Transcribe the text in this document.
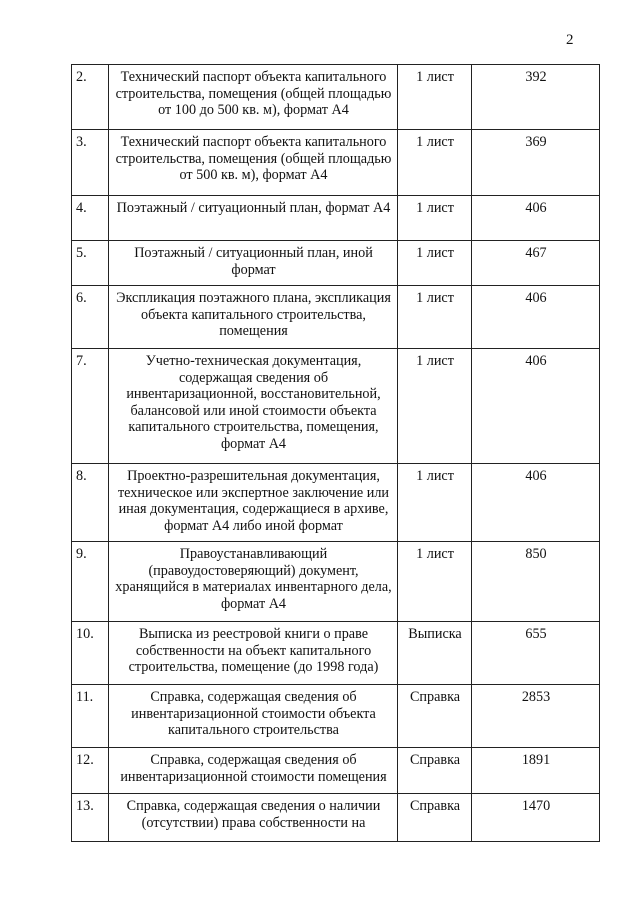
2
2.	Технический паспорт объекта капитального строительства, помещения (общей площадью от 100 до 500 кв. м), формат А4	1 лист	392
3.	Технический паспорт объекта капитального строительства, помещения (общей площадью от 500 кв. м), формат А4	1 лист	369
4.	Поэтажный / ситуационный план, формат А4	1 лист	406
5.	Поэтажный / ситуационный план, иной формат	1 лист	467
6.	Экспликация поэтажного плана, экспликация объекта капитального строительства, помещения	1 лист	406
7.	Учетно-техническая документация, содержащая сведения об инвентаризационной, восстановительной, балансовой или иной стоимости объекта капитального строительства, помещения, формат А4	1 лист	406
8.	Проектно-разрешительная документация, техническое или экспертное заключение или иная документация, содержащиеся в архиве, формат А4 либо иной формат	1 лист	406
9.	Правоустанавливающий (правоудостоверяющий) документ, хранящийся в материалах инвентарного дела, формат А4	1 лист	850
10.	Выписка из реестровой книги о праве собственности на объект капитального строительства, помещение (до 1998 года)	Выписка	655
11.	Справка, содержащая сведения об инвентаризационной стоимости объекта капитального строительства	Справка	2853
12.	Справка, содержащая сведения об инвентаризационной стоимости помещения	Справка	1891
13.	Справка, содержащая сведения о наличии (отсутствии) права собственности на	Справка	1470
